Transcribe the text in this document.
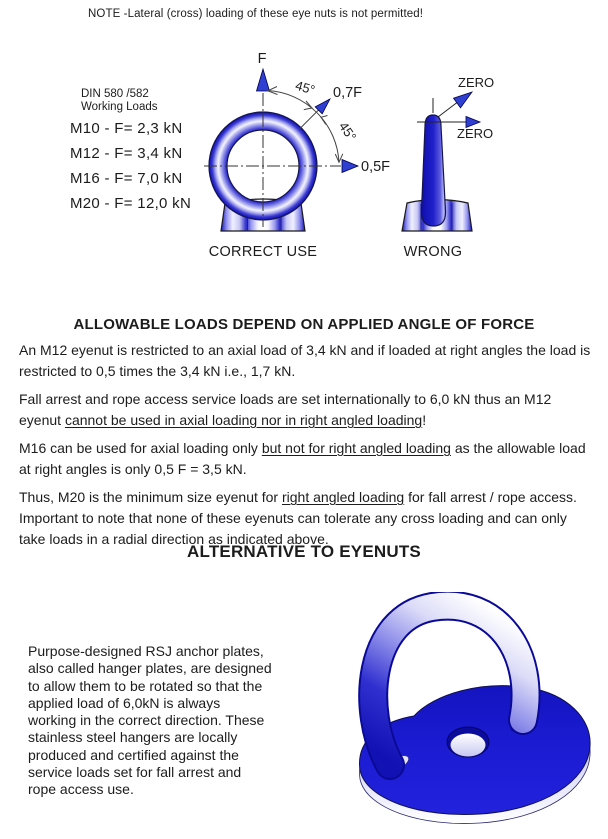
NOTE -Lateral (cross) loading of these eye nuts is not permitted!
DIN 580 /582
Working Loads
M10 - F= 2,3 kN
M12 - F= 3,4 kN
M16 - F= 7,0 kN
M20 - F= 12,0 kN
F
45° 0,7F
45°
0,5F
ZERO
ZERO
CORRECT USE	WRONG
ALLOWABLE LOADS DEPEND ON APPLIED ANGLE OF FORCE

An M12 eyenut is restricted to an axial load of 3,4 kN and if loaded at right angles the load is restricted to 0,5 times the 3,4 kN i.e., 1,7 kN.

Fall arrest and rope access service loads are set internationally to 6,0 kN thus an M12 eyenut cannot be used in axial loading nor in right angled loading!

M16 can be used for axial loading only but not for right angled loading as the allowable load at right angles is only 0,5 F = 3,5 kN.

Thus, M20 is the minimum size eyenut for right angled loading for fall arrest / rope access. Important to note that none of these eyenuts can tolerate any cross loading and can only take loads in a radial direction as indicated above.

ALTERNATIVE TO EYENUTS
Purpose-designed RSJ anchor plates, also called hanger plates, are designed to allow them to be rotated so that the applied load of 6,0kN is always working in the correct direction. These stainless steel hangers are locally produced and certified against the service loads set for fall arrest and rope access use.
